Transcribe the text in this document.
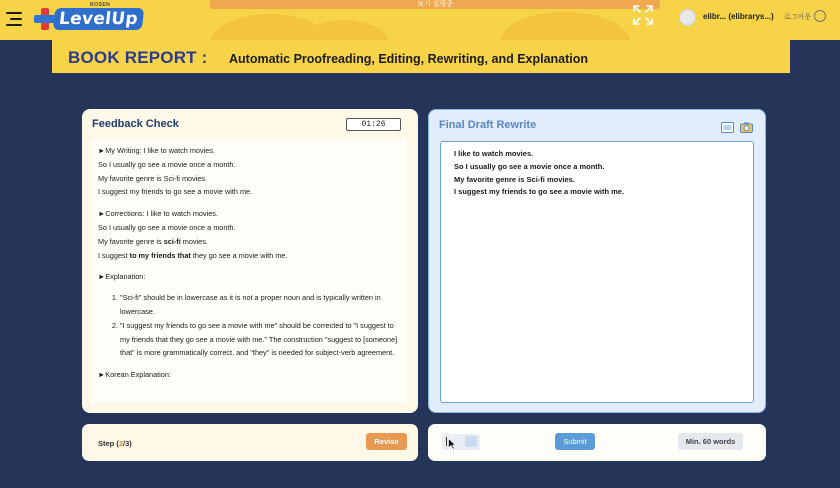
LevelUp
ROSEN	보기 실행중
elibr... (elibrarys...) 로그아웃
BOOK REPORT : Automatic Proofreading, Editing, Rewriting, and Explanation
Feedback Check	01:26

►My Writing: I like to watch movies.

So I usually go see a movie once a month.

My favorite genre is Sci-fi movies.

I suggest my friends to go see a movie with me.

►Corrections: I like to watch movies.

So I usually go see a movie once a month.

My favorite genre is sci-fi movies.

I suggest to my friends that they go see a movie with me.

►Explanation:

1. "Sci-fi" should be in lowercase as it is not a proper noun and is typically written in lowercase.
2. "I suggest my friends to go see a movie with me" should be corrected to "I suggest to my friends that they go see a movie with me." The construction "suggest to [someone] that" is more grammatically correct, and "they" is needed for subject-verb agreement.

►Korean Explanation:

Final Draft Rewrite

I like to watch movies.

So I usually go see a movie once a month.

My favorite genre is Sci-fi movies.

I suggest my friends to go see a movie with me.

Step (2/3)	Revise	Submit	Min. 60 words
